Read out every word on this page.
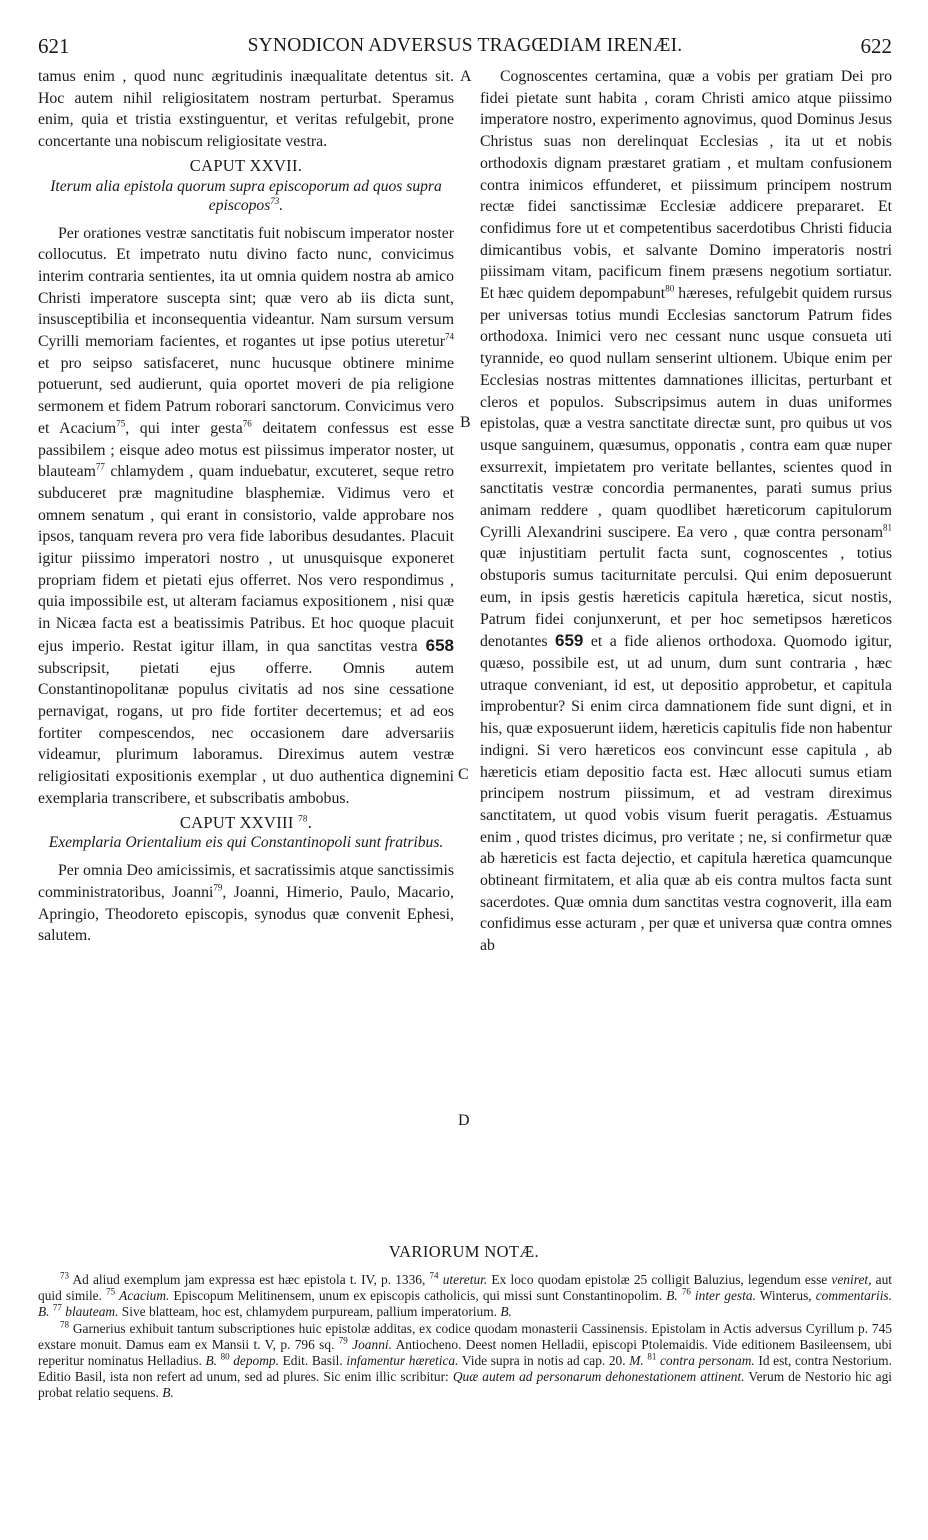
621	SYNODICON ADVERSUS TRAGŒDIAM IRENÆI.	622
A
B
C
D

tamus enim , quod nunc ægritudinis inæqualitate detentus sit. Hoc autem nihil religiositatem nostram perturbat. Speramus enim, quia et tristia exstinguentur, et veritas refulgebit, prone concertante una nobiscum religiositate vestra.

CAPUT XXVII.
Iterum alia epistola quorum supra episcoporum ad quos supra episcopos$^{73}$.

Per orationes vestræ sanctitatis fuit nobiscum imperator noster collocutus. Et impetrato nutu divino facto nunc, convicimus interim contraria sentientes, ita ut omnia quidem nostra ab amico Christi imperatore suscepta sint; quæ vero ab iis dicta sunt, insusceptibilia et inconsequentia videantur. Nam sursum versum Cyrilli memoriam facientes, et rogantes ut ipse potius uteretur$^{74}$ et pro seipso satisfaceret, nunc hucusque obtinere minime potuerunt, sed audierunt, quia oportet moveri de pia religione sermonem et fidem Patrum roborari sanctorum. Convicimus vero et Acacium$^{75}$, qui inter gesta$^{76}$ deitatem confessus est esse passibilem ; eisque adeo motus est piissimus imperator noster, ut blauteam$^{77}$ chlamydem , quam induebatur, excuteret, seque retro subduceret præ magnitudine blasphemiæ. Vidimus vero et omnem senatum , qui erant in consistorio, valde approbare nos ipsos, tanquam revera pro vera fide laboribus desudantes. Placuit igitur piissimo imperatori nostro , ut unusquisque exponeret propriam fidem et pietati ejus offerret. Nos vero respondimus , quia impossibile est, ut alteram faciamus expositionem , nisi quæ in Nicæa facta est a beatissimis Patribus. Et hoc quoque placuit ejus imperio. Restat igitur illam, in qua sanctitas vestra 658 subscripsit, pietati ejus offerre. Omnis autem Constantinopolitanæ populus civitatis ad nos sine cessatione pernavigat, rogans, ut pro fide fortiter decertemus; et ad eos fortiter compescendos, nec occasionem dare adversariis videamur, plurimum laboramus. Direximus autem vestræ religiositati expositionis exemplar , ut duo authentica dignemini exemplaria transcribere, et subscribatis ambobus.

CAPUT XXVIII $^{78}$.
Exemplaria Orientalium eis qui Constantinopoli sunt fratribus.

Per omnia Deo amicissimis, et sacratissimis atque sanctissimis comministratoribus, Joanni$^{79}$, Joanni, Himerio, Paulo, Macario, Apringio, Theodoreto episcopis, synodus quæ convenit Ephesi, salutem.

Cognoscentes certamina, quæ a vobis per gratiam Dei pro fidei pietate sunt habita , coram Christi amico atque piissimo imperatore nostro, experimento agnovimus, quod Dominus Jesus Christus suas non derelinquat Ecclesias , ita ut et nobis orthodoxis dignam præstaret gratiam , et multam confusionem contra inimicos effunderet, et piissimum principem nostrum rectæ fidei sanctissimæ Ecclesiæ addicere prepararet. Et confidimus fore ut et competentibus sacerdotibus Christi fiducia dimicantibus vobis, et salvante Domino imperatoris nostri piissimam vitam, pacificum finem præsens negotium sortiatur. Et hæc quidem depompabunt$^{80}$ hæreses, refulgebit quidem rursus per universas totius mundi Ecclesias sanctorum Patrum fides orthodoxa. Inimici vero nec cessant nunc usque consueta uti tyrannide, eo quod nullam senserint ultionem. Ubique enim per Ecclesias nostras mittentes damnationes illicitas, perturbant et cleros et populos. Subscripsimus autem in duas uniformes epistolas, quæ a vestra sanctitate directæ sunt, pro quibus ut vos usque sanguinem, quæsumus, opponatis , contra eam quæ nuper exsurrexit, impietatem pro veritate bellantes, scientes quod in sanctitatis vestræ concordia permanentes, parati sumus prius animam reddere , quam quodlibet hæreticorum capitulorum Cyrilli Alexandrini suscipere. Ea vero , quæ contra personam$^{81}$ quæ injustitiam pertulit facta sunt, cognoscentes , totius obstuporis sumus taciturnitate perculsi. Qui enim deposuerunt eum, in ipsis gestis hæreticis capitula hæretica, sicut nostis, Patrum fidei conjunxerunt, et per hoc semetipsos hæreticos denotantes 659 et a fide alienos orthodoxa. Quomodo igitur, quæso, possibile est, ut ad unum, dum sunt contraria , hæc utraque conveniant, id est, ut depositio approbetur, et capitula improbentur? Si enim circa damnationem fide sunt digni, et in his, quæ exposuerunt iidem, hæreticis capitulis fide non habentur indigni. Si vero hæreticos eos convincunt esse capitula , ab hæreticis etiam depositio facta est. Hæc allocuti sumus etiam principem nostrum piissimum, et ad vestram direximus sanctitatem, ut quod vobis visum fuerit peragatis. Æstuamus enim , quod tristes dicimus, pro veritate ; ne, si confirmetur quæ ab hæreticis est facta dejectio, et capitula hæretica quamcunque obtineant firmitatem, et alia quæ ab eis contra multos facta sunt sacerdotes. Quæ omnia dum sanctitas vestra cognoverit, illa eam confidimus esse acturam , per quæ et universa quæ contra omnes ab

VARIORUM NOTÆ.

$^{73}$ Ad aliud exemplum jam expressa est hæc epistola t. IV, p. 1336, $^{74}$ uteretur. Ex loco quodam epistolæ 25 colligit Baluzius, legendum esse veniret, aut quid simile. $^{75}$ Acacium. Episcopum Melitinensem, unum ex episcopis catholicis, qui missi sunt Constantinopolim. B. $^{76}$ inter gesta. Winterus, commentariis. B. $^{77}$ blauteam. Sive blatteam, hoc est, chlamydem purpuream, pallium imperatorium. B.

$^{78}$ Garnerius exhibuit tantum subscriptiones huic epistolæ additas, ex codice quodam monasterii Cassinensis. Epistolam in Actis adversus Cyrillum p. 745 exstare monuit. Damus eam ex Mansii t. V, p. 796 sq. $^{79}$ Joanni. Antiocheno. Deest nomen Helladii, episcopi Ptolemaidis. Vide editionem Basileensem, ubi reperitur nominatus Helladius. B. $^{80}$ depomp. Edit. Basil. infamentur hæretica. Vide supra in notis ad cap. 20. M. $^{81}$ contra personam. Id est, contra Nestorium. Editio Basil, ista non refert ad unum, sed ad plures. Sic enim illic scribitur: Quæ autem ad personarum dehonestationem attinent. Verum de Nestorio hic agi probat relatio sequens. B.
